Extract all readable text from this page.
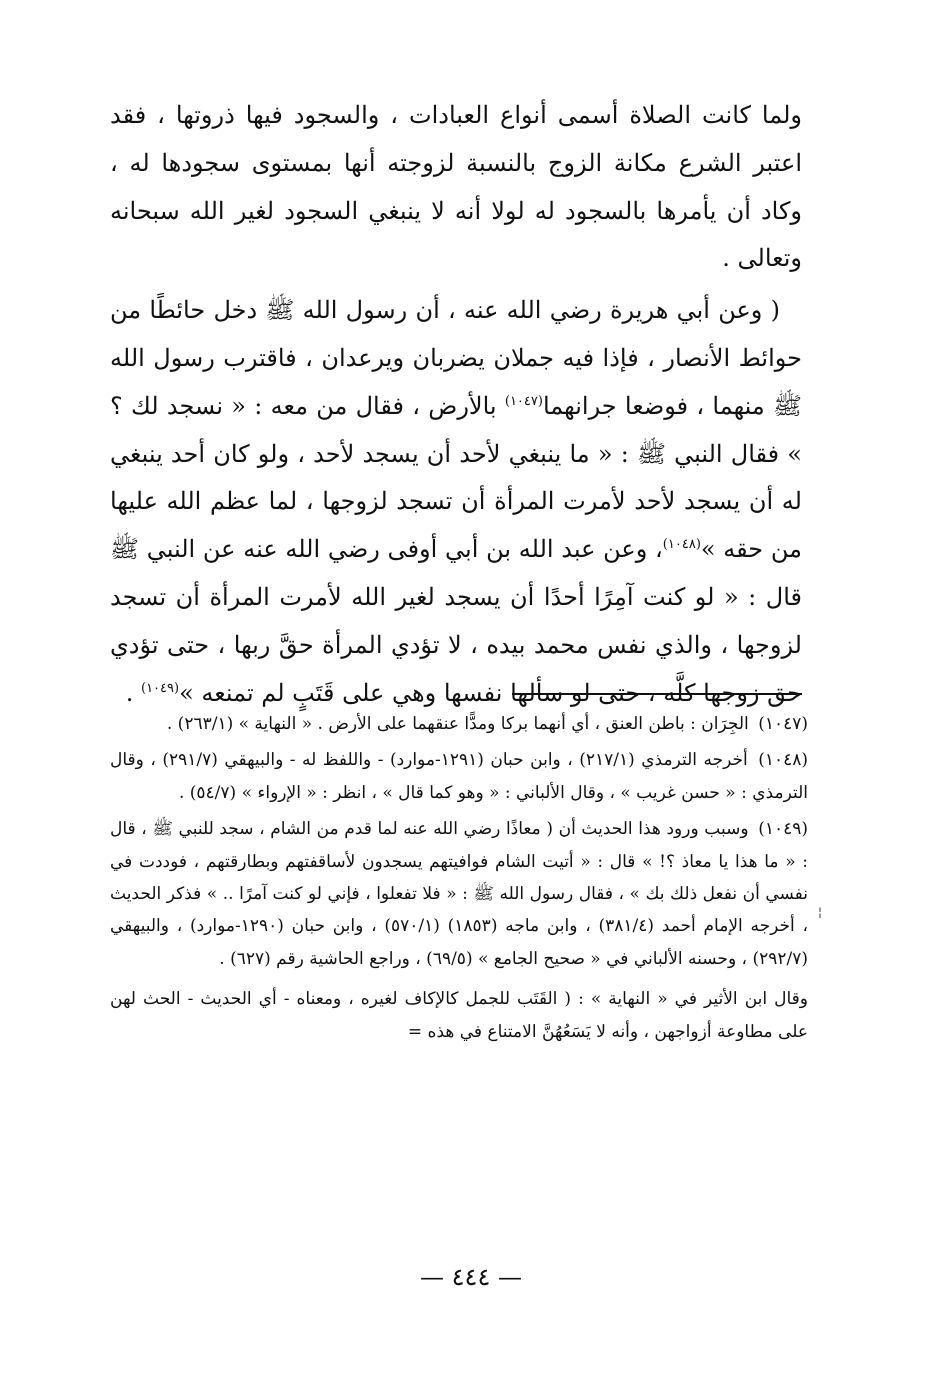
ولما كانت الصلاة أسمى أنواع العبادات ، والسجود فيها ذروتها ، فقد اعتبر الشرع مكانة الزوج بالنسبة لزوجته أنها بمستوى سجودها له ، وكاد أن يأمرها بالسجود له لولا أنه لا ينبغي السجود لغير الله سبحانه وتعالى .

( وعن أبي هريرة رضي الله عنه ، أن رسول الله ﷺ دخل حائطًا من حوائط الأنصار ، فإذا فيه جملان يضربان ويرعدان ، فاقترب رسول الله ﷺ منهما ، فوضعا جرانهما$^{(١٠٤٧)}$ بالأرض ، فقال من معه : « نسجد لك ؟ » فقال النبي ﷺ : « ما ينبغي لأحد أن يسجد لأحد ، ولو كان أحد ينبغي له أن يسجد لأحد لأمرت المرأة أن تسجد لزوجها ، لما عظم الله عليها من حقه »$^{(١٠٤٨)}$، وعن عبد الله بن أبي أوفى رضي الله عنه عن النبي ﷺ قال : « لو كنت آمِرًا أحدًا أن يسجد لغير الله لأمرت المرأة أن تسجد لزوجها ، والذي نفس محمد بيده ، لا تؤدي المرأة حقَّ ربها ، حتى تؤدي حق زوجها كلَّه ، حتى لو سألها نفسها وهي على قَتَبٍ لم تمنعه »$^{(١٠٤٩)}$ .

(١٠٤٧) الجِرَان : باطن العنق ، أي أنهما بركا ومدًّا عنقهما على الأرض . « النهاية » (٢٦٣/١) .

(١٠٤٨) أخرجه الترمذي (٢١٧/١) ، وابن حبان (١٢٩١-موارد) - واللفظ له - والبيهقي (٢٩١/٧) ، وقال الترمذي : « حسن غريب » ، وقال الألباني : « وهو كما قال » ، انظر : « الإرواء » (٥٤/٧) .

(١٠٤٩) وسبب ورود هذا الحديث أن ( معاذًا رضي الله عنه لما قدم من الشام ، سجد للنبي ﷺ ، قال : « ما هذا يا معاذ ؟! » قال : « أتيت الشام فوافيتهم يسجدون لأساقفتهم وبطارقتهم ، فوددت في نفسي أن نفعل ذلك بك » ، فقال رسول الله ﷺ : « فلا تفعلوا ، فإني لو كنت آمرًا .. » فذكر الحديث ، أخرجه الإمام أحمد (٣٨١/٤) ، وابن ماجه (١٨٥٣) (٥٧٠/١) ، وابن حبان (١٢٩٠-موارد) ، والبيهقي (٢٩٢/٧) ، وحسنه الألباني في « صحيح الجامع » (٦٩/٥) ، وراجع الحاشية رقم (٦٢٧) .

وقال ابن الأثير في « النهاية » : ( القَتَب للجمل كالإكاف لغيره ، ومعناه - أي الحديث - الحث لهن على مطاوعة أزواجهن ، وأنه لا يَسَعُهُنَّ الامتناع في هذه =

¦
— ٤٤٤ —
